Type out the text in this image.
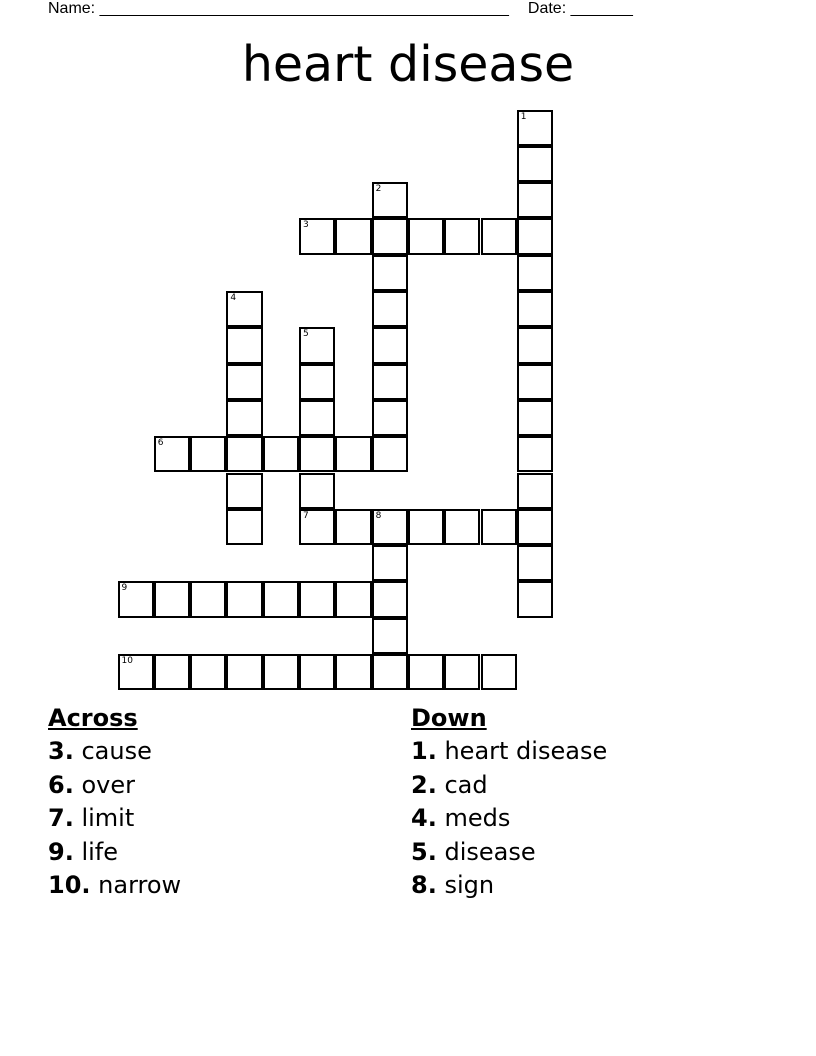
Name: ______________________________________________ Date: _______
heart disease
1
2
3
4
5
6
8
9
10
7
Across
3. cause
6. over
7. limit
9. life
10. narrow
Down
1. heart disease
2. cad
4. meds
5. disease
8. sign
